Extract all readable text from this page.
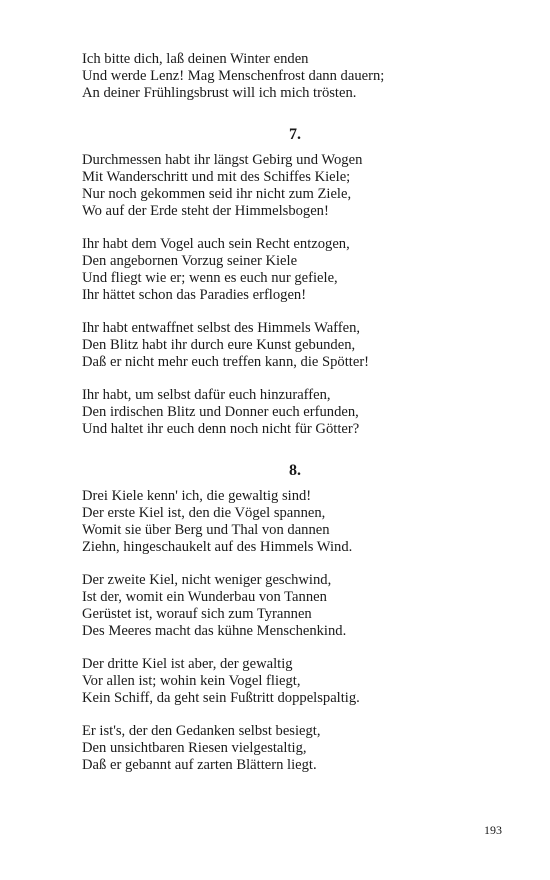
Ich bitte dich, laß deinen Winter enden
Und werde Lenz! Mag Menschenfrost dann dauern;
An deiner Frühlingsbrust will ich mich trösten.
7.
Durchmessen habt ihr längst Gebirg und Wogen
Mit Wanderschritt und mit des Schiffes Kiele;
Nur noch gekommen seid ihr nicht zum Ziele,
Wo auf der Erde steht der Himmelsbogen!
Ihr habt dem Vogel auch sein Recht entzogen,
Den angebornen Vorzug seiner Kiele
Und fliegt wie er; wenn es euch nur gefiele,
Ihr hättet schon das Paradies erflogen!
Ihr habt entwaffnet selbst des Himmels Waffen,
Den Blitz habt ihr durch eure Kunst gebunden,
Daß er nicht mehr euch treffen kann, die Spötter!
Ihr habt, um selbst dafür euch hinzuraffen,
Den irdischen Blitz und Donner euch erfunden,
Und haltet ihr euch denn noch nicht für Götter?
8.
Drei Kiele kenn' ich, die gewaltig sind!
Der erste Kiel ist, den die Vögel spannen,
Womit sie über Berg und Thal von dannen
Ziehn, hingeschaukelt auf des Himmels Wind.
Der zweite Kiel, nicht weniger geschwind,
Ist der, womit ein Wunderbau von Tannen
Gerüstet ist, worauf sich zum Tyrannen
Des Meeres macht das kühne Menschenkind.
Der dritte Kiel ist aber, der gewaltig
Vor allen ist; wohin kein Vogel fliegt,
Kein Schiff, da geht sein Fußtritt doppelspaltig.
Er ist's, der den Gedanken selbst besiegt,
Den unsichtbaren Riesen vielgestaltig,
Daß er gebannt auf zarten Blättern liegt.
193
